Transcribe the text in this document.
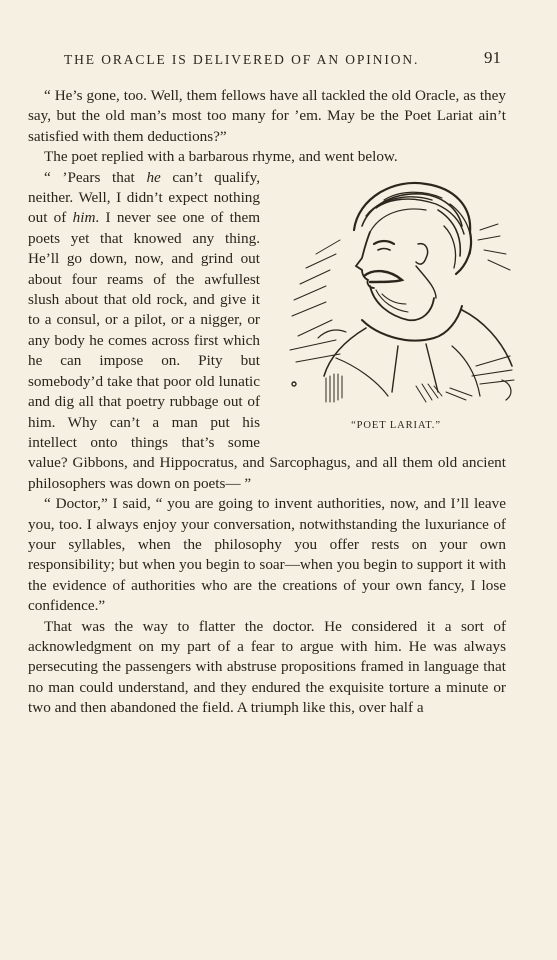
THE ORACLE IS DELIVERED OF AN OPINION.	91

“ He’s gone, too. Well, them fellows have all tackled the old Oracle, as they say, but the old man’s most too many for ’em. May be the Poet Lariat ain’t satisfied with them deductions?”

The poet replied with a barbarous rhyme, and went below.

“POET LARIAT.”

“ ’Pears that he can’t qualify, neither. Well, I didn’t expect nothing out of him. I never see one of them poets yet that knowed any thing. He’ll go down, now, and grind out about four reams of the awfullest slush about that old rock, and give it to a consul, or a pilot, or a nigger, or any body he comes across first which he can impose on. Pity but somebody’d take that poor old lunatic and dig all that poetry rubbage out of him. Why can’t a man put his intellect onto things that’s some value? Gibbons, and Hippocratus, and Sarcophagus, and all them old ancient philosophers was down on poets— ”

“ Doctor,” I said, “ you are going to invent authorities, now, and I’ll leave you, too. I always enjoy your conversation, notwithstanding the luxuriance of your syllables, when the philosophy you offer rests on your own responsibility; but when you begin to soar—when you begin to support it with the evidence of authorities who are the creations of your own fancy, I lose confidence.”

That was the way to flatter the doctor. He considered it a sort of acknowledgment on my part of a fear to argue with him. He was always persecuting the passengers with abstruse propositions framed in language that no man could understand, and they endured the exquisite torture a minute or two and then abandoned the field. A triumph like this, over half a
